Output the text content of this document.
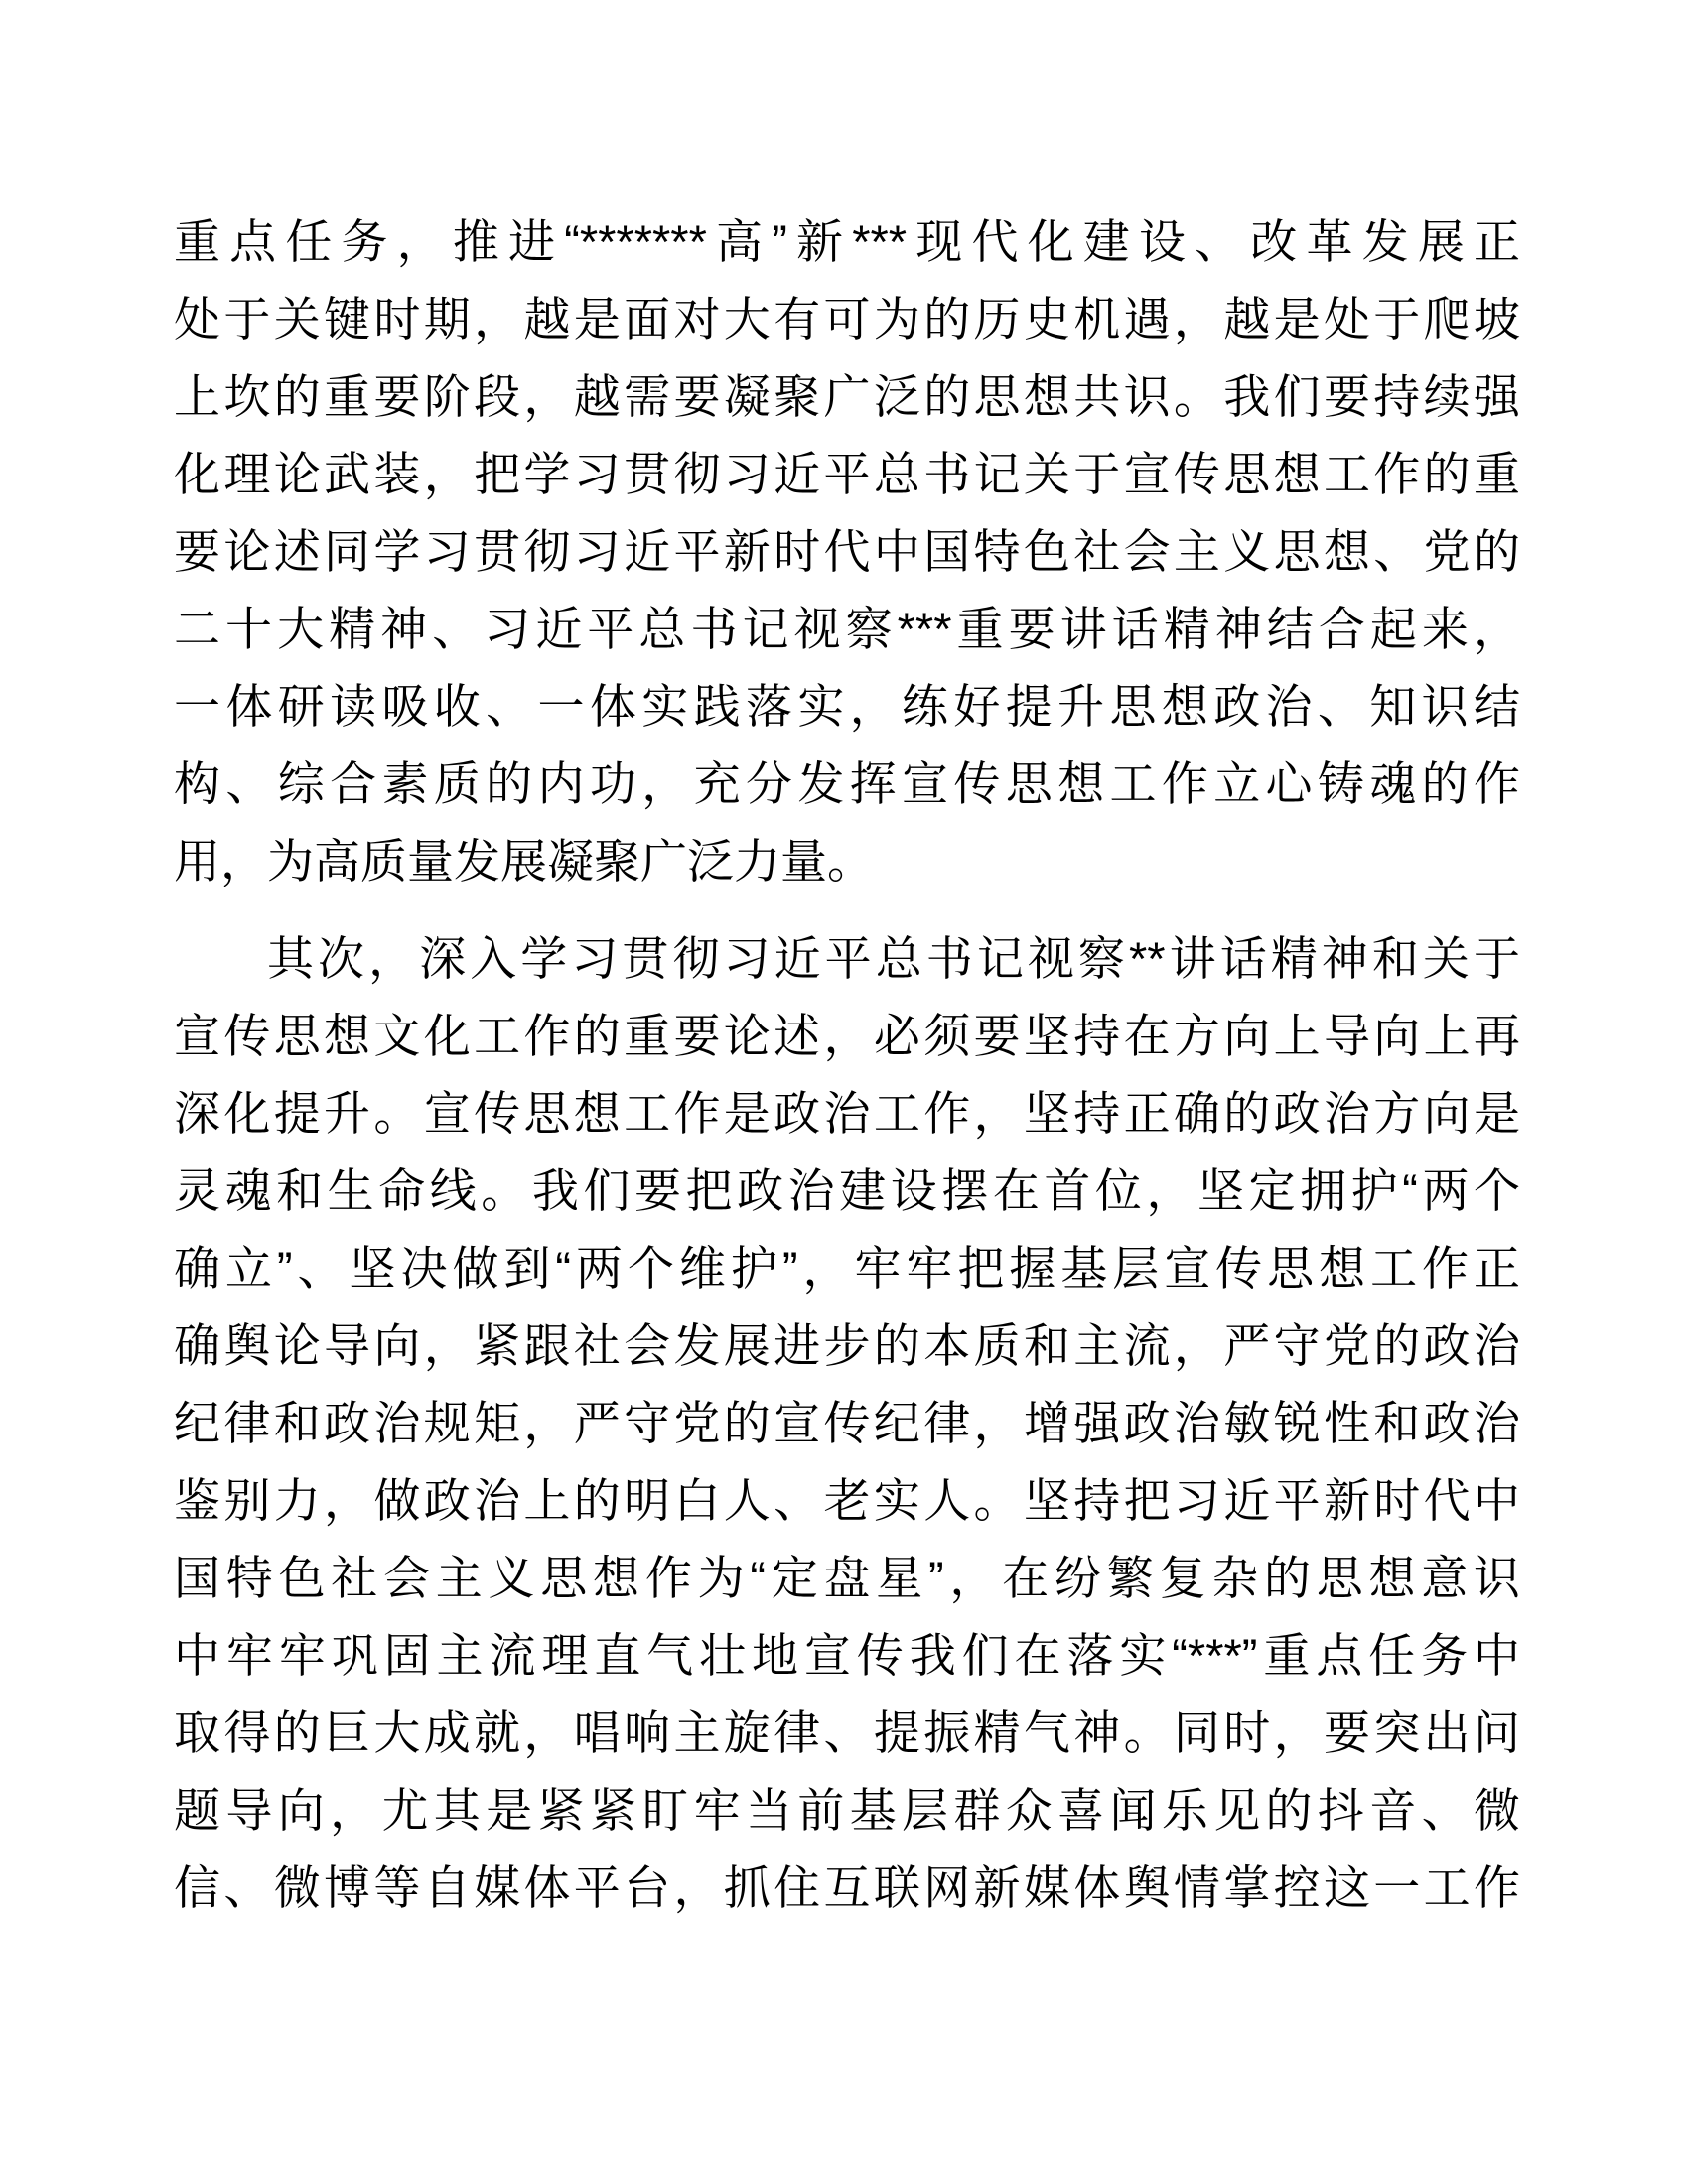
重点任务，推进“*******高”新***现代化建设、改革发展正
处于关键时期，越是面对大有可为的历史机遇，越是处于爬坡
上坎的重要阶段，越需要凝聚广泛的思想共识。我们要持续强
化理论武装，把学习贯彻习近平总书记关于宣传思想工作的重
要论述同学习贯彻习近平新时代中国特色社会主义思想、党的
二十大精神、习近平总书记视察***重要讲话精神结合起来，
一体研读吸收、一体实践落实，练好提升思想政治、知识结
构、综合素质的内功，充分发挥宣传思想工作立心铸魂的作
用，为高质量发展凝聚广泛力量。
其次，深入学习贯彻习近平总书记视察**讲话精神和关于
宣传思想文化工作的重要论述，必须要坚持在方向上导向上再
深化提升。宣传思想工作是政治工作，坚持正确的政治方向是
灵魂和生命线。我们要把政治建设摆在首位，坚定拥护“两个
确立”、坚决做到“两个维护”，牢牢把握基层宣传思想工作正
确舆论导向，紧跟社会发展进步的本质和主流，严守党的政治
纪律和政治规矩，严守党的宣传纪律，增强政治敏锐性和政治
鉴别力，做政治上的明白人、老实人。坚持把习近平新时代中
国特色社会主义思想作为“定盘星”，在纷繁复杂的思想意识
中牢牢巩固主流理直气壮地宣传我们在落实“***”重点任务中
取得的巨大成就，唱响主旋律、提振精气神。同时，要突出问
题导向，尤其是紧紧盯牢当前基层群众喜闻乐见的抖音、微
信、微博等自媒体平台，抓住互联网新媒体舆情掌控这一工作
